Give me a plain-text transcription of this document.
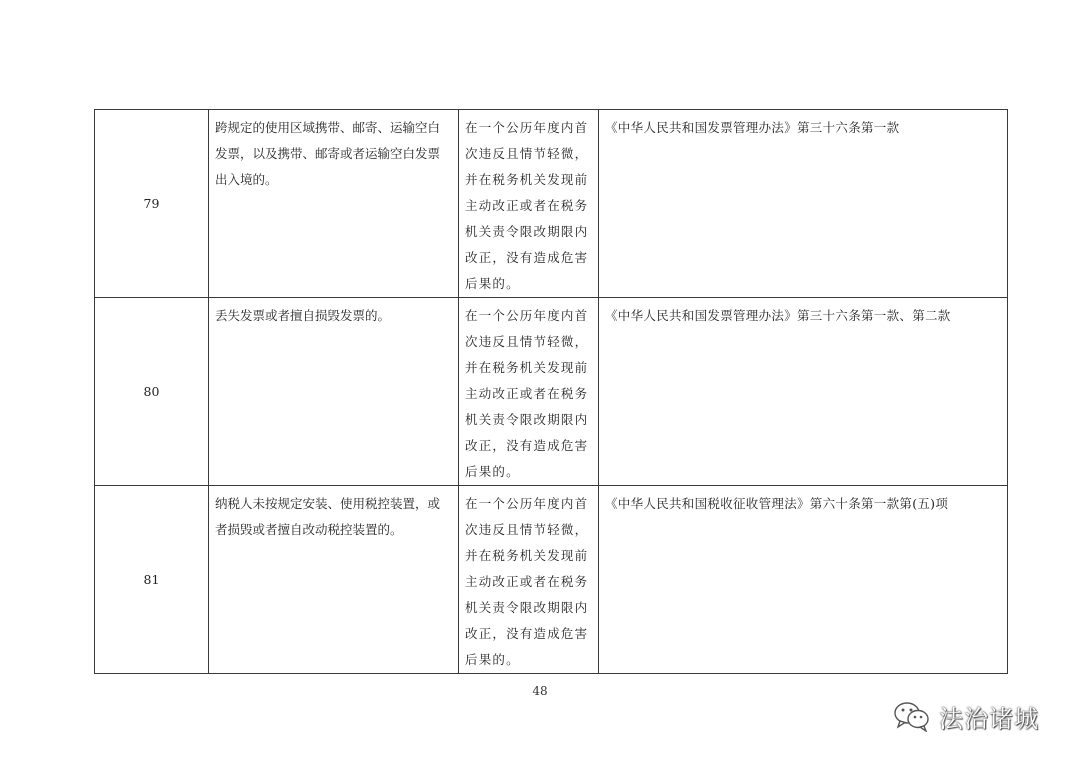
79	跨规定的使用区域携带、邮寄、运输空白发票，以及携带、邮寄或者运输空白发票出入境的。	在一个公历年度内首次违反且情节轻微，并在税务机关发现前主动改正或者在税务机关责令限改期限内改正，没有造成危害后果的。	《中华人民共和国发票管理办法》第三十六条第一款
80	丢失发票或者擅自损毁发票的。	在一个公历年度内首次违反且情节轻微，并在税务机关发现前主动改正或者在税务机关责令限改期限内改正，没有造成危害后果的。	《中华人民共和国发票管理办法》第三十六条第一款、第二款
81	纳税人未按规定安装、使用税控装置，或者损毁或者擅自改动税控装置的。	在一个公历年度内首次违反且情节轻微，并在税务机关发现前主动改正或者在税务机关责令限改期限内改正，没有造成危害后果的。	《中华人民共和国税收征收管理法》第六十条第一款第(五)项
48
法治诸城
